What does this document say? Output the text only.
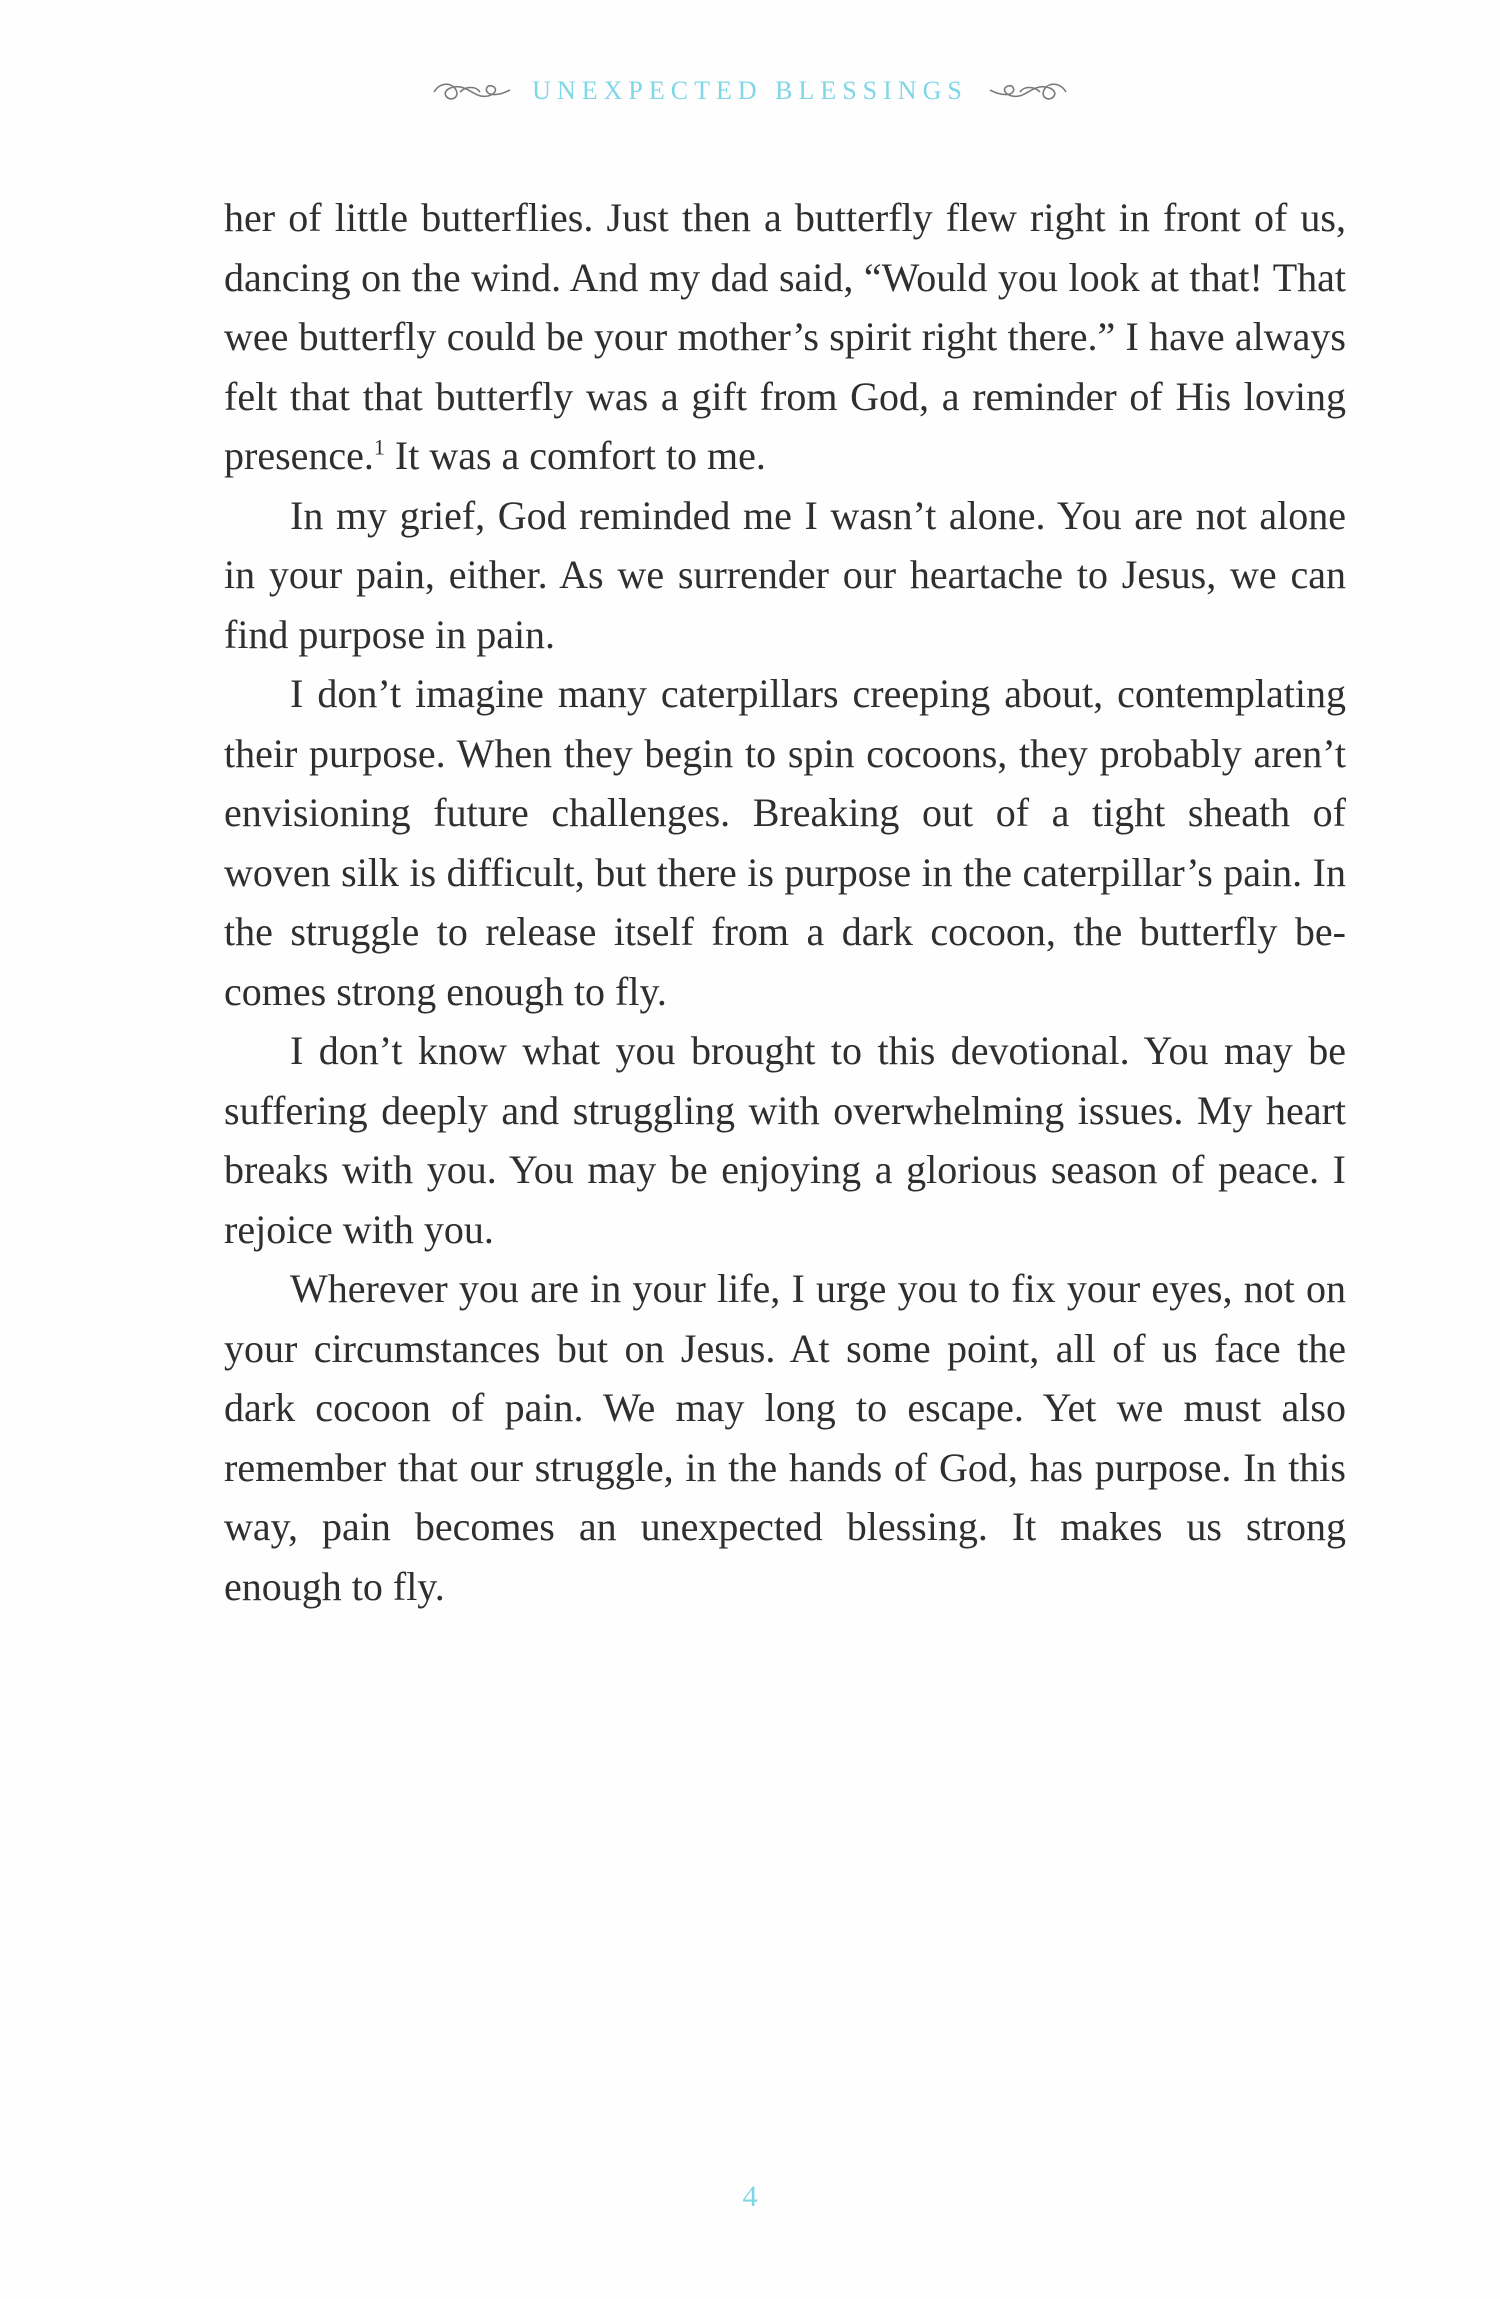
UNEXPECTED BLESSINGS

her of little butterflies. Just then a butterfly flew right in front of us, dancing on the wind. And my dad said, “Would you look at that! That wee butterfly could be your mother’s spirit right there.” I have always felt that that butterfly was a gift from God, a reminder of His loving presence.$^1$ It was a comfort to me.

In my grief, God reminded me I wasn’t alone. You are not alone in your pain, either. As we surrender our heartache to Jesus, we can find purpose in pain.

I don’t imagine many caterpillars creeping about, contemplating their purpose. When they begin to spin cocoons, they probably aren’t envisioning future challenges. Breaking out of a tight sheath of woven silk is difficult, but there is purpose in the caterpillar’s pain. In the struggle to release itself from a dark cocoon, the butterfly becomes strong enough to fly.

I don’t know what you brought to this devotional. You may be suffering deeply and struggling with overwhelming issues. My heart breaks with you. You may be enjoying a glorious season of peace. I rejoice with you.

Wherever you are in your life, I urge you to fix your eyes, not on your circumstances but on Jesus. At some point, all of us face the dark cocoon of pain. We may long to escape. Yet we must also remember that our struggle, in the hands of God, has purpose. In this way, pain becomes an unexpected blessing. It makes us strong enough to fly.

4
